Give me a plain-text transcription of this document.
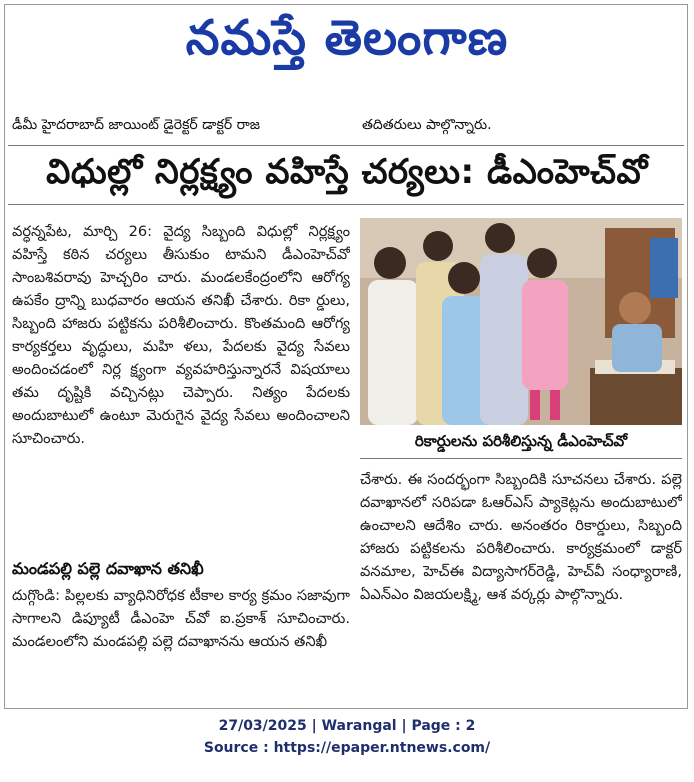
నమస్తే తెలంగాణ
డీమీ హైదరాబాద్ జాయింట్ డైరెక్టర్ డాక్టర్ రాజ	తదితరులు పాల్గొన్నారు.
విధుల్లో నిర్లక్ష్యం వహిస్తే చర్యలు: డీఎంహెచ్‌వో

వర్ధన్నపేట, మార్చి 26: వైద్య సిబ్బంది విధుల్లో నిర్లక్ష్యం వహిస్తే కఠిన చర్యలు తీసుకుం టామని డీఎంహెచ్‌వో సాంబశివరావు హెచ్చరిం చారు. మండలకేంద్రంలోని ఆరోగ్య ఉపకేం ద్రాన్ని బుధవారం ఆయన తనిఖీ చేశారు. రికా ర్డులు, సిబ్బంది హాజరు పట్టికను పరిశీలించారు. కొంతమంది ఆరోగ్య కార్యకర్తలు వృద్ధులు, మహి ళలు, పేదలకు వైద్య సేవలు అందించడంలో నిర్ల క్ష్యంగా వ్యవహరిస్తున్నారనే విషయాలు తమ దృష్టికి వచ్చినట్లు చెప్పారు. నిత్యం పేదలకు అందుబాటులో ఉంటూ మెరుగైన వైద్య సేవలు అందించాలని సూచించారు.

మండపల్లి పల్లె దవాఖాన తనిఖీ

దుగ్గొండి: పిల్లలకు వ్యాధినిరోధక టీకాల కార్య క్రమం సజావుగా సాగాలని డిప్యూటీ డీఎంహె చ్‌వో ఐ.ప్రకాశ్ సూచించారు. మండలంలోని మండపల్లి పల్లె దవాఖానను ఆయన తనిఖీ

రికార్డులను పరిశీలిస్తున్న డీఎంహెచ్‌వో

చేశారు. ఈ సందర్భంగా సిబ్బందికి సూచనలు చేశారు. పల్లె దవాఖానలో సరిపడా ఓఆర్ఎస్ ప్యాకెట్లను అందుబాటులో ఉంచాలని ఆదేశిం చారు. అనంతరం రికార్డులు, సిబ్బంది హాజరు పట్టికలను పరిశీలించారు. కార్యక్రమంలో డాక్టర్ వనమాల, హెచ్ఈ విద్యాసాగర్‌రెడ్డి, హెచ్‌వీ సంధ్యారాణి, ఏఎన్ఎం విజయలక్ష్మి, ఆశ వర్కర్లు పాల్గొన్నారు.

27/03/2025 | Warangal | Page : 2
Source : https://epaper.ntnews.com/
